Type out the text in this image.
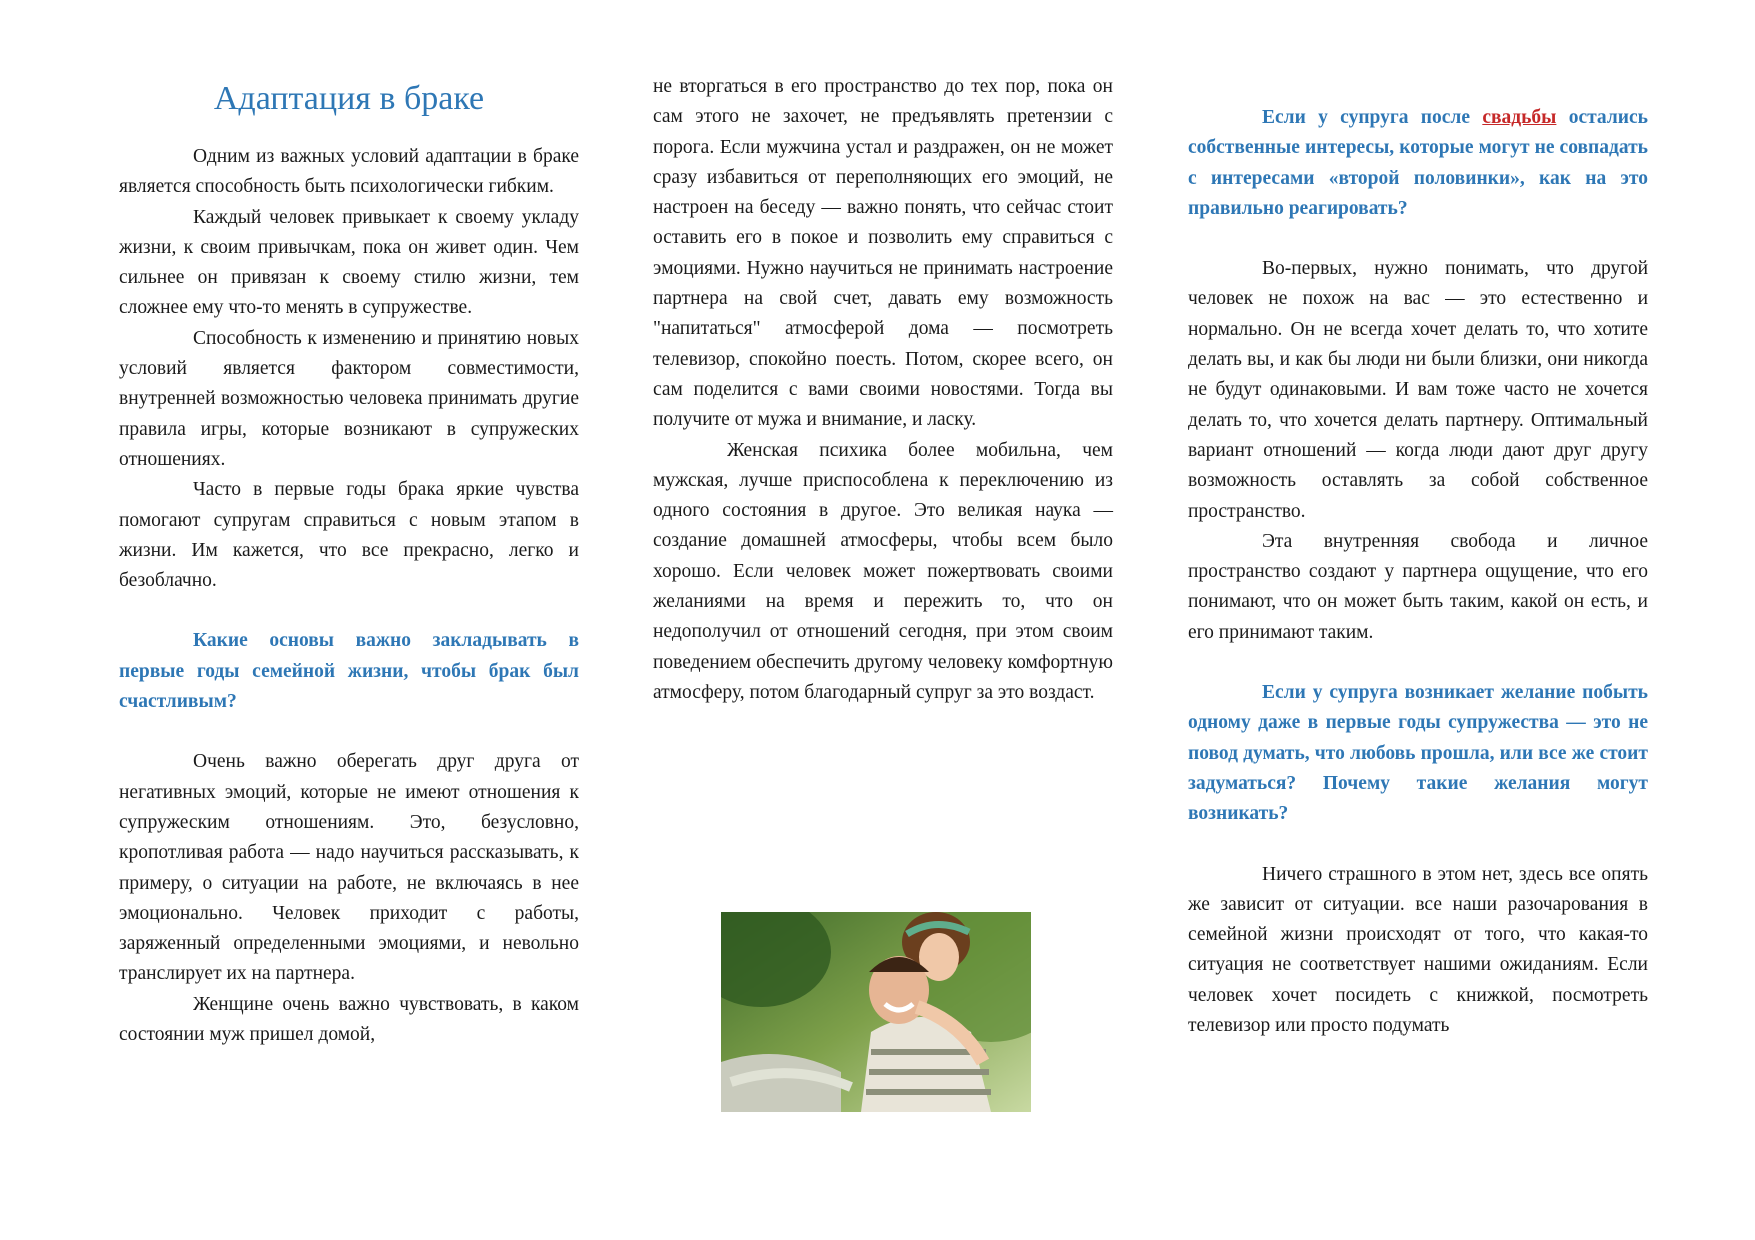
Адаптация в браке

Одним из важных условий адаптации в браке является способность быть психологически гибким.

Каждый человек привыкает к своему укладу жизни, к своим привычкам, пока он живет один. Чем сильнее он привязан к своему стилю жизни, тем сложнее ему что-то менять в супружестве.

Способность к изменению и принятию новых условий является фактором совместимости, внутренней возможностью человека принимать другие правила игры, которые возникают в супружеских отношениях.

Часто в первые годы брака яркие чувства помогают супругам справиться с новым этапом в жизни. Им кажется, что все прекрасно, легко и безоблачно.

Какие основы важно закладывать в первые годы семейной жизни, чтобы брак был счастливым?

Очень важно оберегать друг друга от негативных эмоций, которые не имеют отношения к супружеским отношениям. Это, безусловно, кропотливая работа — надо научиться рассказывать, к примеру, о ситуации на работе, не включаясь в нее эмоционально. Человек приходит с работы, заряженный определенными эмоциями, и невольно транслирует их на партнера.

Женщине очень важно чувствовать, в каком состоянии муж пришел домой,

не вторгаться в его пространство до тех пор, пока он сам этого не захочет, не предъявлять претензии с порога. Если мужчина устал и раздражен, он не может сразу избавиться от переполняющих его эмоций, не настроен на беседу — важно понять, что сейчас стоит оставить его в покое и позволить ему справиться с эмоциями. Нужно научиться не принимать настроение партнера на свой счет, давать ему возможность "напитаться" атмосферой дома — посмотреть телевизор, спокойно поесть. Потом, скорее всего, он сам поделится с вами своими новостями. Тогда вы получите от мужа и внимание, и ласку.

Женская психика более мобильна, чем мужская, лучше приспособлена к переключению из одного состояния в другое. Это великая наука — создание домашней атмосферы, чтобы всем было хорошо. Если человек может пожертвовать своими желаниями на время и пережить то, что он недополучил от отношений сегодня, при этом своим поведением обеспечить другому человеку комфортную атмосферу, потом благодарный супруг за это воздаст.

Если у супруга после свадьбы остались собственные интересы, которые могут не совпадать с интересами «второй половинки», как на это правильно реагировать?

Во-первых, нужно понимать, что другой человек не похож на вас — это естественно и нормально. Он не всегда хочет делать то, что хотите делать вы, и как бы люди ни были близки, они никогда не будут одинаковыми. И вам тоже часто не хочется делать то, что хочется делать партнеру. Оптимальный вариант отношений — когда люди дают друг другу возможность оставлять за собой собственное пространство.

Эта внутренняя свобода и личное пространство создают у партнера ощущение, что его понимают, что он может быть таким, какой он есть, и его принимают таким.

Если у супруга возникает желание побыть одному даже в первые годы супружества — это не повод думать, что любовь прошла, или все же стоит задуматься? Почему такие желания могут возникать?

Ничего страшного в этом нет, здесь все опять же зависит от ситуации. все наши разочарования в семейной жизни происходят от того, что какая-то ситуация не соответствует нашими ожиданиям. Если человек хочет посидеть с книжкой, посмотреть телевизор или просто подумать
